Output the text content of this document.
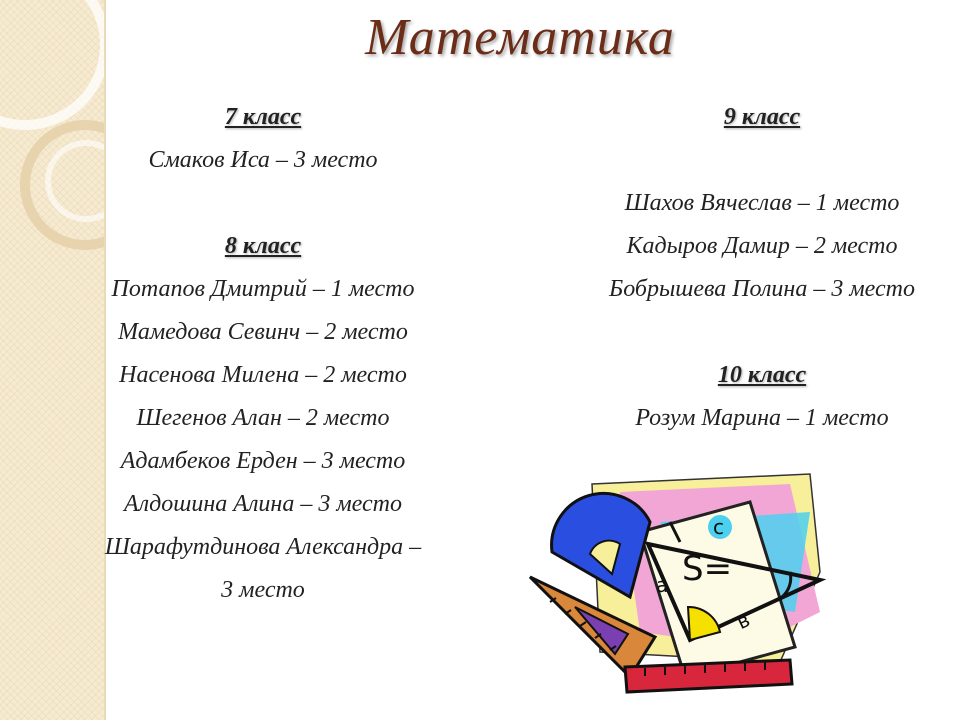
Математика
7 класс
Смаков Иса – 3 место
8 класс
Потапов Дмитрий – 1 место
Мамедова Севинч – 2 место
Насенова Милена – 2 место
Шегенов Алан – 2 место
Адамбеков Ерден – 3 место
Алдошина Алина – 3 место
Шарафутдинова Александра –
3 место
9 класс
Шахов Вячеслав – 1 место
Кадыров Дамир – 2 место
Бобрышева Полина – 3 место
10 класс
Розум Марина – 1 место
S=
a
в
c
